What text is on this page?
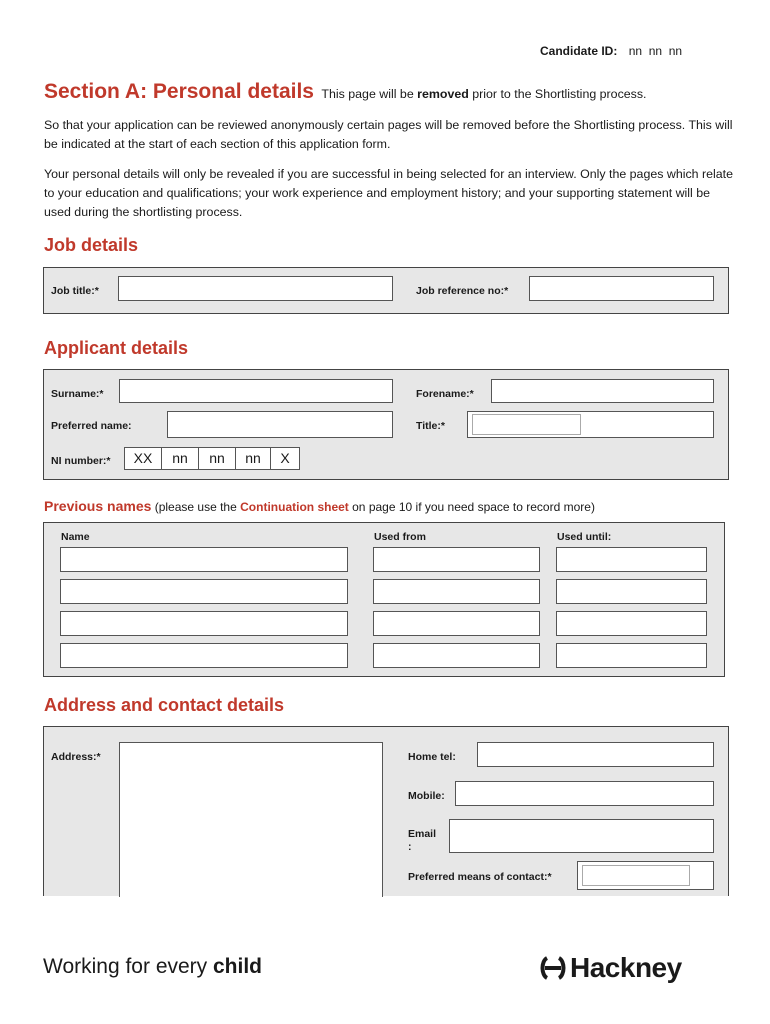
Candidate ID: nn  nn  nn
Section A: Personal details This page will be removed prior to the Shortlisting process.
So that your application can be reviewed anonymously certain pages will be removed before the Shortlisting process. This will be indicated at the start of each section of this application form.
Your personal details will only be revealed if you are successful in being selected for an interview. Only the pages which relate to your education and qualifications; your work experience and employment history; and your supporting statement will be used during the shortlisting process.
Job details
Job title:*	Job reference no:*
Applicant details
Surname:*	Forename:*
Preferred name:	Title:*
NI number:*	XX	nn	nn	nn	X
Previous names (please use the Continuation sheet on page 10 if you need space to record more)
Name	Used from	Used until:
Address and contact details
Address:*	Home tel:
Mobile:
Email
:
Preferred means of contact:*
Working for every child	Hackney
